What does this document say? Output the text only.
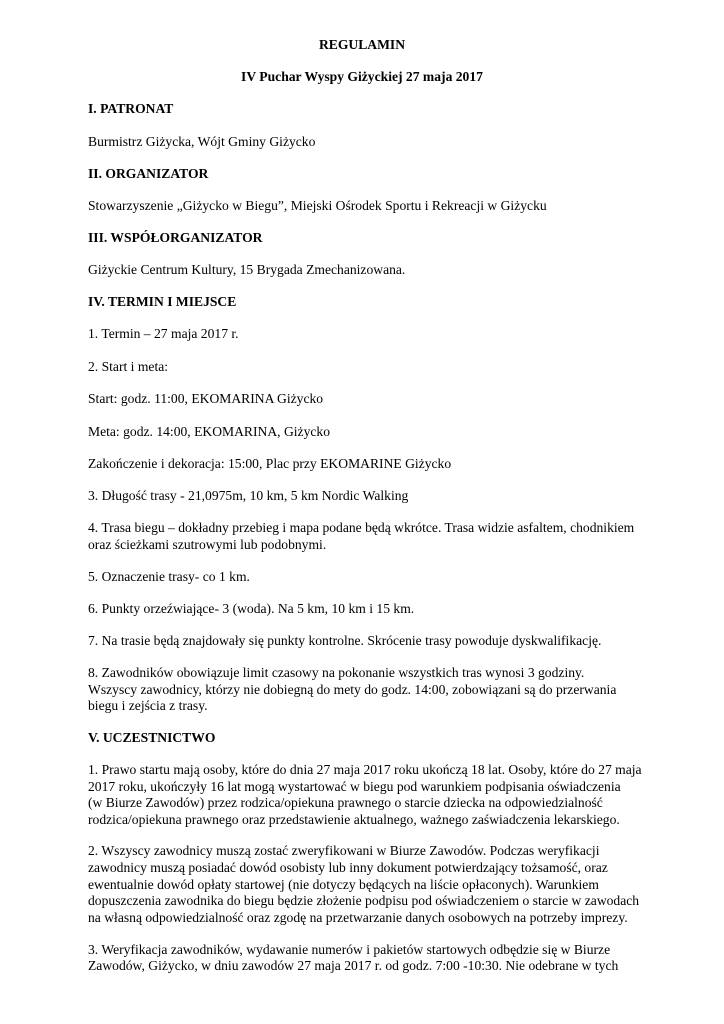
REGULAMIN

IV Puchar Wyspy Giżyckiej 27 maja 2017

I. PATRONAT

Burmistrz Giżycka, Wójt Gminy Giżycko

II. ORGANIZATOR

Stowarzyszenie „Giżycko w Biegu”, Miejski Ośrodek Sportu i Rekreacji w Giżycku

III. WSPÓŁORGANIZATOR

Giżyckie Centrum Kultury, 15 Brygada Zmechanizowana.

IV. TERMIN I MIEJSCE

1. Termin – 27 maja 2017 r.

2. Start i meta:

Start: godz. 11:00, EKOMARINA Giżycko

Meta: godz. 14:00, EKOMARINA, Giżycko

Zakończenie i dekoracja: 15:00, Plac przy EKOMARINE Giżycko

3. Długość trasy - 21,0975m, 10 km, 5 km Nordic Walking

4. Trasa biegu – dokładny przebieg i mapa podane będą wkrótce. Trasa widzie asfaltem, chodnikiem

oraz ścieżkami szutrowymi lub podobnymi.

5. Oznaczenie trasy- co 1 km.

6. Punkty orzeźwiające- 3 (woda). Na 5 km, 10 km i 15 km.

7. Na trasie będą znajdowały się punkty kontrolne. Skrócenie trasy powoduje dyskwalifikację.

8. Zawodników obowiązuje limit czasowy na pokonanie wszystkich tras wynosi 3 godziny.

Wszyscy zawodnicy, którzy nie dobiegną do mety do godz. 14:00, zobowiązani są do przerwania

biegu i zejścia z trasy.

V. UCZESTNICTWO

1. Prawo startu mają osoby, które do dnia 27 maja 2017 roku ukończą 18 lat. Osoby, które do 27 maja

2017 roku, ukończyły 16 lat mogą wystartować w biegu pod warunkiem podpisania oświadczenia

(w Biurze Zawodów) przez rodzica/opiekuna prawnego o starcie dziecka na odpowiedzialność

rodzica/opiekuna prawnego oraz przedstawienie aktualnego, ważnego zaświadczenia lekarskiego.

2. Wszyscy zawodnicy muszą zostać zweryfikowani w Biurze Zawodów. Podczas weryfikacji

zawodnicy muszą posiadać dowód osobisty lub inny dokument potwierdzający tożsamość, oraz

ewentualnie dowód opłaty startowej (nie dotyczy będących na liście opłaconych). Warunkiem

dopuszczenia zawodnika do biegu będzie złożenie podpisu pod oświadczeniem o starcie w zawodach

na własną odpowiedzialność oraz zgodę na przetwarzanie danych osobowych na potrzeby imprezy.

3. Weryfikacja zawodników, wydawanie numerów i pakietów startowych odbędzie się w Biurze

Zawodów, Giżycko, w dniu zawodów 27 maja 2017 r. od godz. 7:00 -10:30. Nie odebrane w tych
